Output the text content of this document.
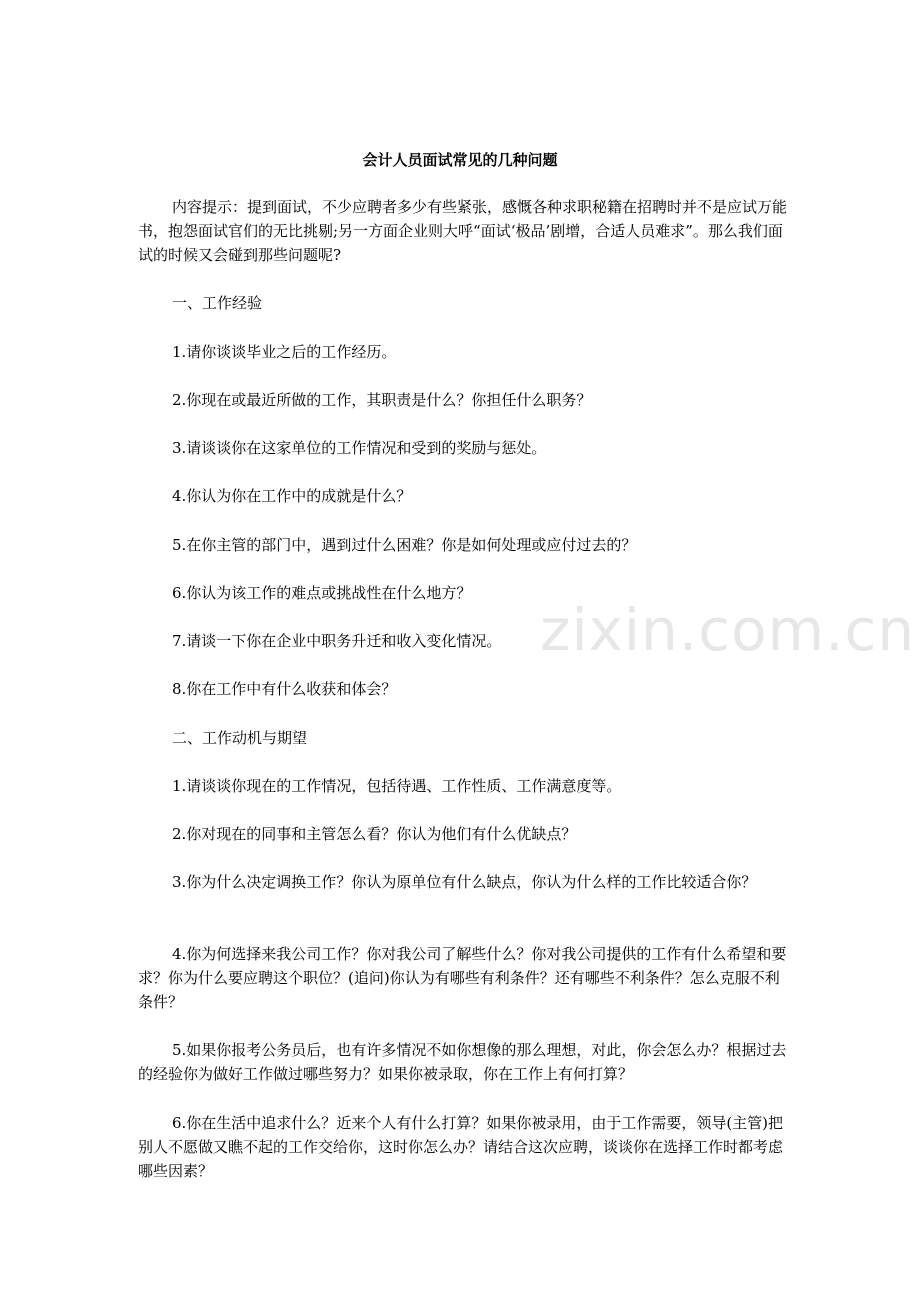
会计人员面试常见的几种问题

内容提示：提到面试，不少应聘者多少有些紧张，感慨各种求职秘籍在招聘时并不是应试万能书，抱怨面试官们的无比挑剔;另一方面企业则大呼“面试‘极品’剧增，合适人员难求”。那么我们面试的时候又会碰到那些问题呢?

一、工作经验

1.请你谈谈毕业之后的工作经历。

2.你现在或最近所做的工作，其职责是什么？你担任什么职务？

3.请谈谈你在这家单位的工作情况和受到的奖励与惩处。

4.你认为你在工作中的成就是什么？

5.在你主管的部门中，遇到过什么困难？你是如何处理或应付过去的？

6.你认为该工作的难点或挑战性在什么地方？

7.请谈一下你在企业中职务升迁和收入变化情况。

8.你在工作中有什么收获和体会？

二、工作动机与期望

1.请谈谈你现在的工作情况，包括待遇、工作性质、工作满意度等。

2.你对现在的同事和主管怎么看？你认为他们有什么优缺点？

3.你为什么决定调换工作？你认为原单位有什么缺点，你认为什么样的工作比较适合你？

4.你为何选择来我公司工作？你对我公司了解些什么？你对我公司提供的工作有什么希望和要求？你为什么要应聘这个职位？(追问)你认为有哪些有利条件？还有哪些不利条件？怎么克服不利条件？

5.如果你报考公务员后，也有许多情况不如你想像的那么理想，对此，你会怎么办？根据过去的经验你为做好工作做过哪些努力？如果你被录取，你在工作上有何打算？

6.你在生活中追求什么？近来个人有什么打算？如果你被录用，由于工作需要，领导(主管)把别人不愿做又瞧不起的工作交给你，这时你怎么办？请结合这次应聘，谈谈你在选择工作时都考虑哪些因素？

zixin.com.cn
